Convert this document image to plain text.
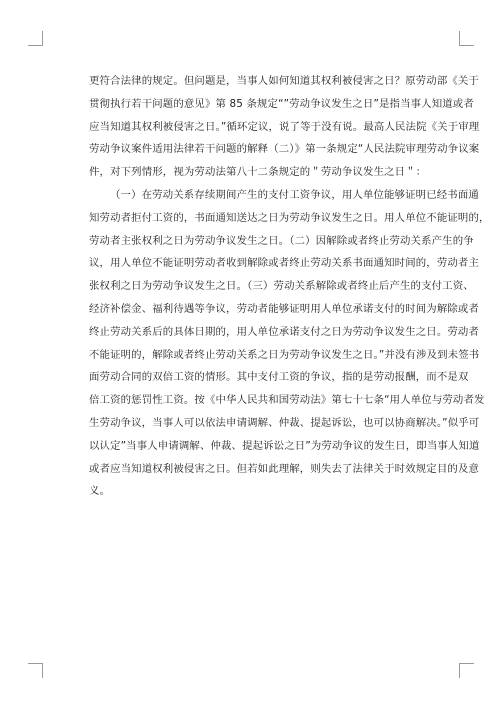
更符合法律的规定。但问题是，当事人如何知道其权利被侵害之日？原劳动部《关于
贯彻执行若干问题的意见》第 85 条规定“”劳动争议发生之日”是指当事人知道或者
应当知道其权利被侵害之日。”循环定议，说了等于没有说。最高人民法院《关于审理
劳动争议案件适用法律若干问题的解释（二）》第一条规定“人民法院审理劳动争议案
件，对下列情形，视为劳动法第八十二条规定的＂劳动争议发生之日＂：
（一）在劳动关系存续期间产生的支付工资争议，用人单位能够证明已经书面通
知劳动者拒付工资的，书面通知送达之日为劳动争议发生之日。用人单位不能证明的，
劳动者主张权利之日为劳动争议发生之日。（二）因解除或者终止劳动关系产生的争
议，用人单位不能证明劳动者收到解除或者终止劳动关系书面通知时间的，劳动者主
张权利之日为劳动争议发生之日。（三）劳动关系解除或者终止后产生的支付工资、
经济补偿金、福利待遇等争议，劳动者能够证明用人单位承诺支付的时间为解除或者
终止劳动关系后的具体日期的，用人单位承诺支付之日为劳动争议发生之日。劳动者
不能证明的，解除或者终止劳动关系之日为劳动争议发生之日。”并没有涉及到未签书
面劳动合同的双倍工资的情形。其中支付工资的争议，指的是劳动报酬，而不是双
倍工资的惩罚性工资。按《中华人民共和国劳动法》第七十七条“用人单位与劳动者发
生劳动争议，当事人可以依法申请调解、仲裁、提起诉讼，也可以协商解决。”似乎可
以认定”当事人申请调解、仲裁、提起诉讼之日”为劳动争议的发生日，即当事人知道
或者应当知道权利被侵害之日。但若如此理解，则失去了法律关于时效规定目的及意
义。
